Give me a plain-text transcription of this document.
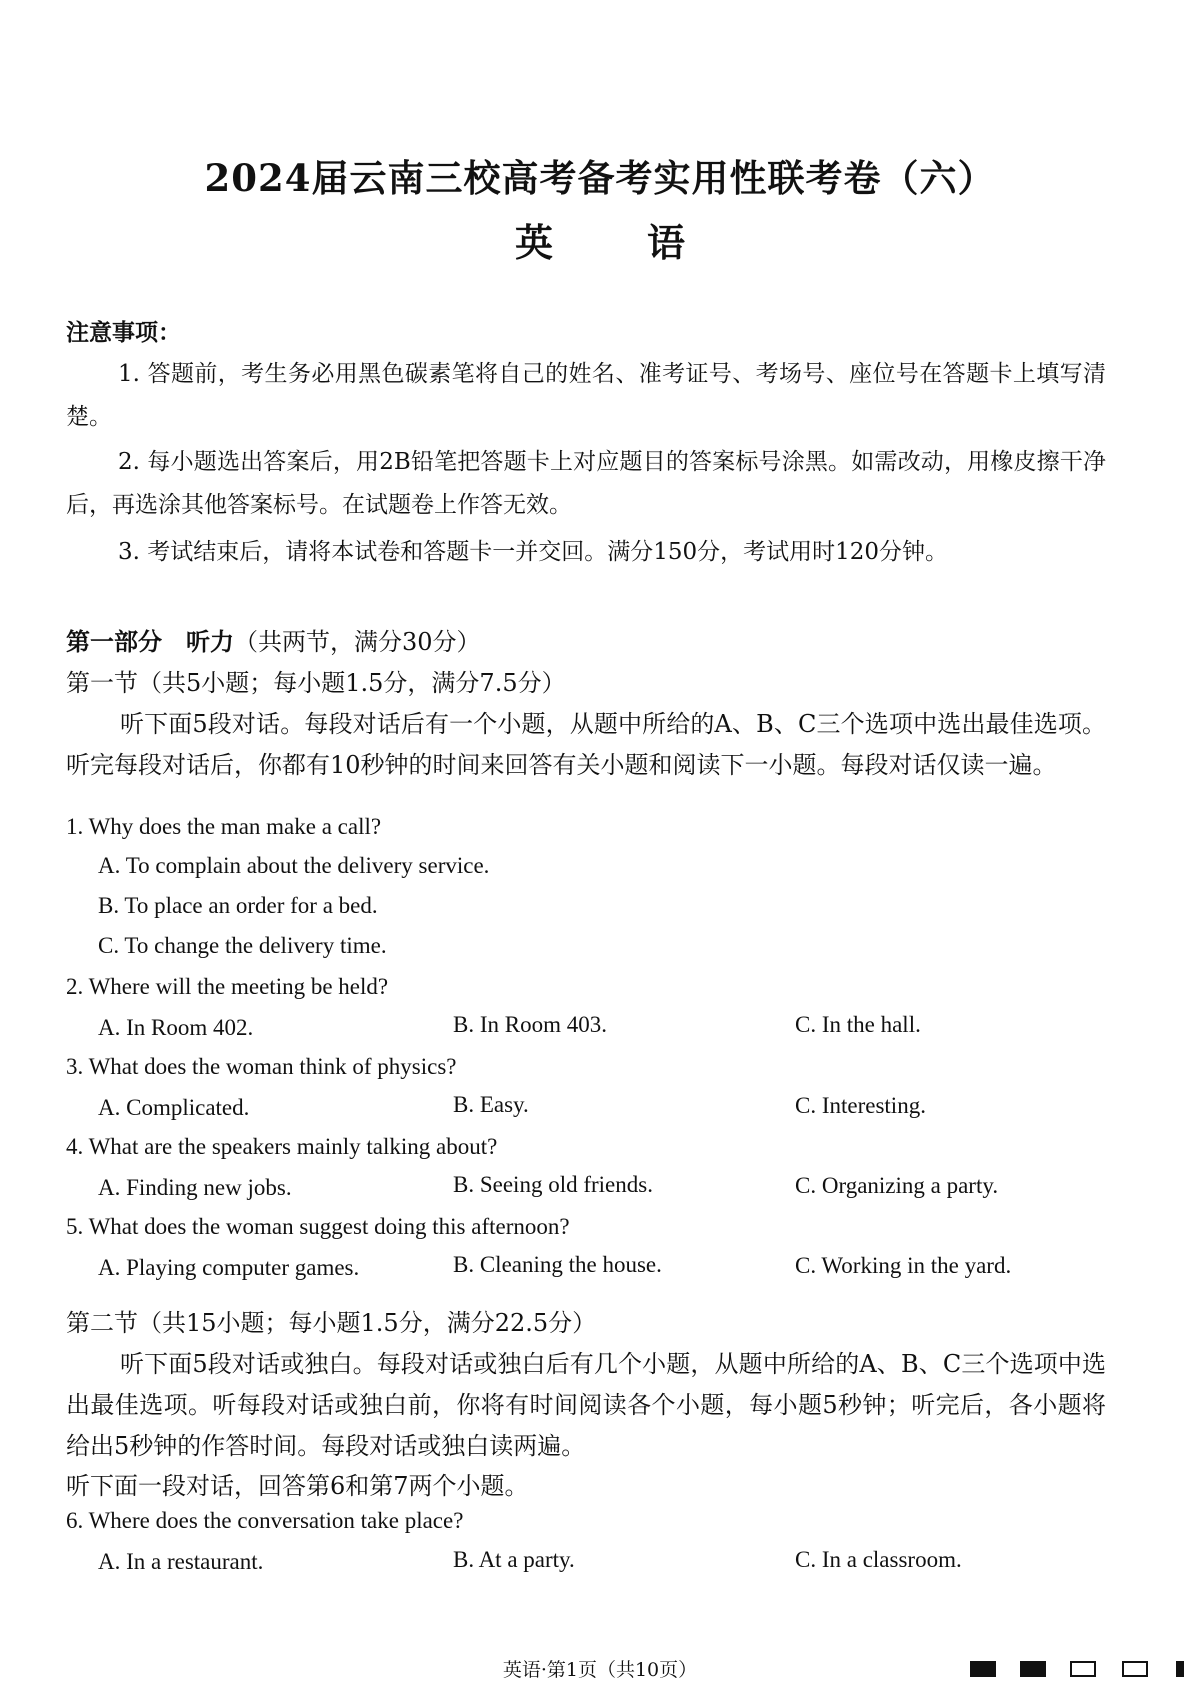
2024届云南三校高考备考实用性联考卷（六）
英　语
注意事项：
1. 答题前，考生务必用黑色碳素笔将自己的姓名、准考证号、考场号、座位号在答题卡上填写清楚。
2. 每小题选出答案后，用2B铅笔把答题卡上对应题目的答案标号涂黑。如需改动，用橡皮擦干净后，再选涂其他答案标号。在试题卷上作答无效。
3. 考试结束后，请将本试卷和答题卡一并交回。满分150分，考试用时120分钟。
第一部分　听力（共两节，满分30分）
第一节（共5小题；每小题1.5分，满分7.5分）
听下面5段对话。每段对话后有一个小题，从题中所给的A、B、C三个选项中选出最佳选项。听完每段对话后，你都有10秒钟的时间来回答有关小题和阅读下一小题。每段对话仅读一遍。
1. Why does the man make a call?
A. To complain about the delivery service.
B. To place an order for a bed.
C. To change the delivery time.
2. Where will the meeting be held?
A. In Room 402.	B. In Room 403.	C. In the hall.
3. What does the woman think of physics?
A. Complicated.	B. Easy.	C. Interesting.
4. What are the speakers mainly talking about?
A. Finding new jobs.	B. Seeing old friends.	C. Organizing a party.
5. What does the woman suggest doing this afternoon?
A. Playing computer games.	B. Cleaning the house.	C. Working in the yard.
第二节（共15小题；每小题1.5分，满分22.5分）
听下面5段对话或独白。每段对话或独白后有几个小题，从题中所给的A、B、C三个选项中选出最佳选项。听每段对话或独白前，你将有时间阅读各个小题，每小题5秒钟；听完后，各小题将给出5秒钟的作答时间。每段对话或独白读两遍。
听下面一段对话，回答第6和第7两个小题。
6. Where does the conversation take place?
A. In a restaurant.	B. At a party.	C. In a classroom.
英语·第1页（共10页）
